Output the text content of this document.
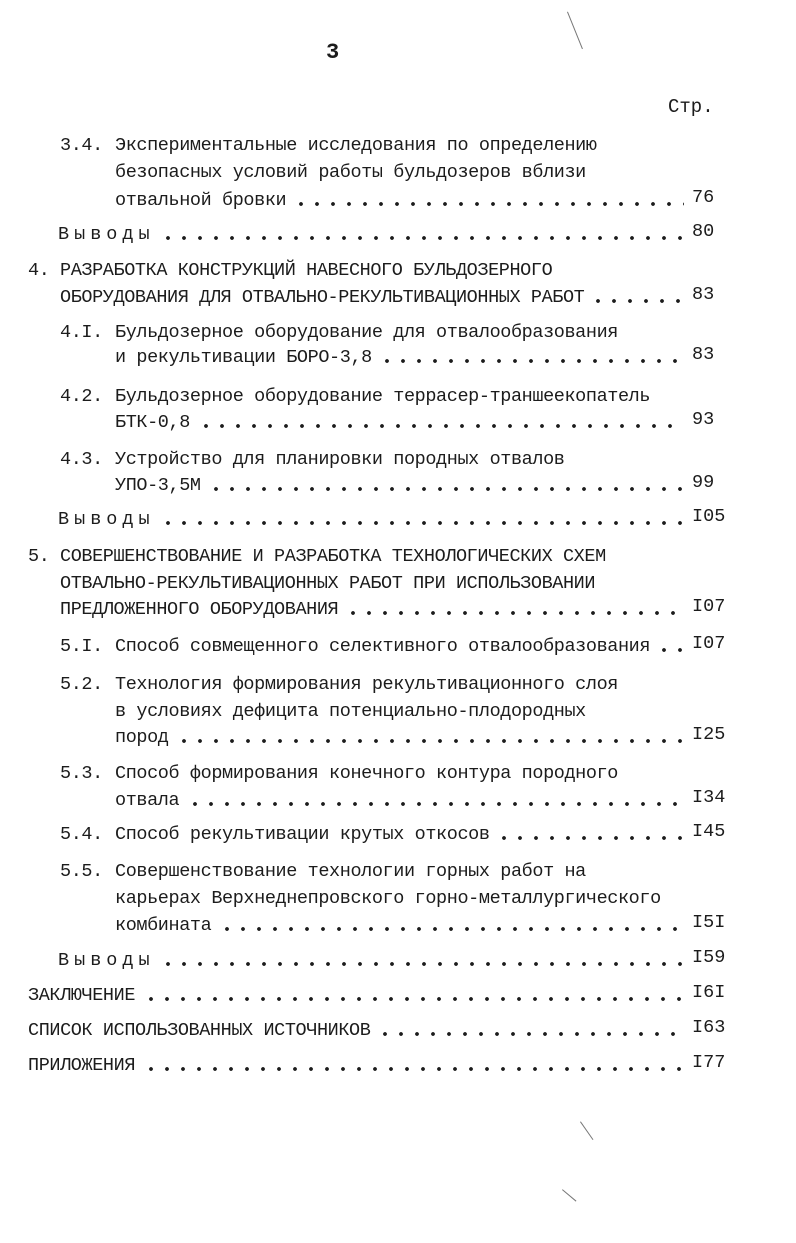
3
Стр.
3.4. Экспериментальные исследования по определению
безопасных условий работы бульдозеров вблизи
отвальной бровки	76
Выводы	80
4. РАЗРАБОТКА КОНСТРУКЦИЙ НАВЕСНОГО БУЛЬДОЗЕРНОГО
ОБОРУДОВАНИЯ ДЛЯ ОТВАЛЬНО-РЕКУЛЬТИВАЦИОННЫХ РАБОТ	83
4.I. Бульдозерное оборудование для отвалообразования
и рекультивации БОРО-3,8	83
4.2. Бульдозерное оборудование террасер-траншеекопатель
БТК-0,8	93
4.3. Устройство для планировки породных отвалов
УПО-3,5М	99
Выводы	I05
5. СОВЕРШЕНСТВОВАНИЕ И РАЗРАБОТКА ТЕХНОЛОГИЧЕСКИХ СХЕМ
ОТВАЛЬНО-РЕКУЛЬТИВАЦИОННЫХ РАБОТ ПРИ ИСПОЛЬЗОВАНИИ
ПРЕДЛОЖЕННОГО ОБОРУДОВАНИЯ	I07
5.I. Способ совмещенного селективного отвалообразования I07
5.2. Технология формирования рекультивационного слоя
в условиях дефицита потенциально-плодородных
пород	I25
5.3. Способ формирования конечного контура породного
отвала	I34
5.4. Способ рекультивации крутых откосов	I45
5.5. Совершенствование технологии горных работ на
карьерах Верхнеднепровского горно-металлургического
комбината	I5I
Выводы	I59
ЗАКЛЮЧЕНИЕ	I6I
СПИСОК ИСПОЛЬЗОВАННЫХ ИСТОЧНИКОВ	I63
ПРИЛОЖЕНИЯ	I77
